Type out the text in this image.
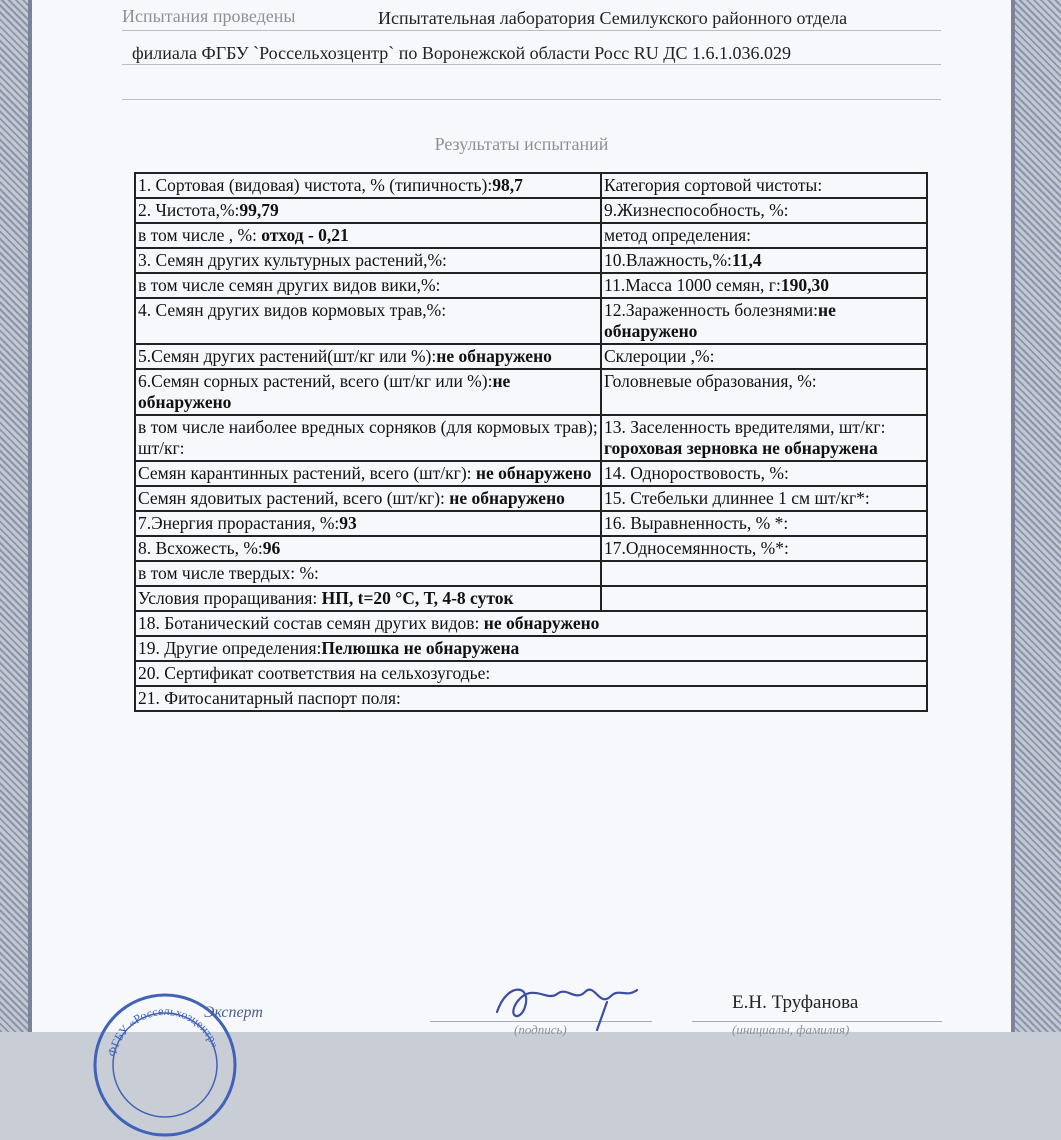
Испытания проведены	Испытательная лаборатория Семилукского районного отдела
филиала ФГБУ `Россельхозцентр` по Воронежской области Росс RU ДС 1.6.1.036.029
Результаты испытаний
1. Сортовая (видовая) чистота, % (типичность):98,7	Категория сортовой чистоты:
2. Чистота,%:99,79	9.Жизнеспособность, %:
в том числе , %: отход - 0,21	метод определения:
3. Семян других культурных растений,%:	10.Влажность,%:11,4
в том числе семян других видов вики,%:	11.Масса 1000 семян, г:190,30
4. Семян других видов кормовых трав,%:	12.Зараженность болезнями:не обнаружено
5.Семян других растений(шт/кг или %):не обнаружено	Склероции ,%:
6.Семян сорных растений, всего (шт/кг или %):не обнаружено	Головневые образования, %:
в том числе наиболее вредных сорняков (для кормовых трав); шт/кг:	13. Заселенность вредителями, шт/кг: гороховая зерновка не обнаружена
Семян карантинных растений, всего (шт/кг): не обнаружено	14. Однороствовость, %:
Семян ядовитых растений, всего (шт/кг): не обнаружено	15. Стебельки длиннее 1 см шт/кг*:
7.Энергия прорастания, %:93	16. Выравненность, % *:
8. Всхожесть, %:96	17.Односемянность, %*:
в том числе твердых: %:	
Условия проращивания: НП, t=20 °С, Т, 4-8 суток	
18. Ботанический состав семян других видов: не обнаружено	
19. Другие определения:Пелюшка не обнаружена	
20. Сертификат соответствия на сельхозугодье:	
21. Фитосанитарный паспорт поля:	
ФГБУ «Россельхозцентр»
Эксперт
(подпись)	(инициалы, фамилия)
Е.Н. Труфанова
